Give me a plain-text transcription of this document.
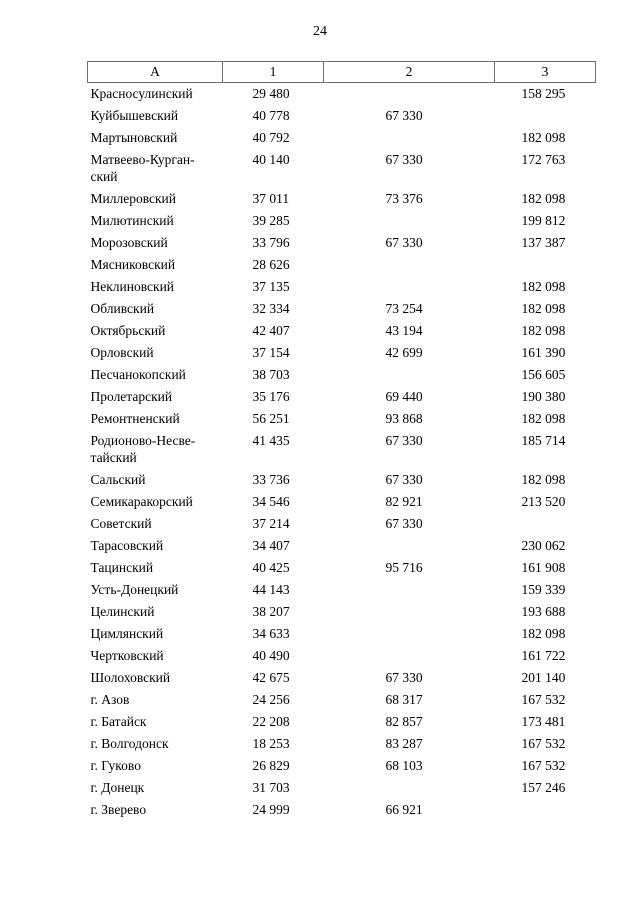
24
А	1	2	3
Красносулинский	29 480		158 295
Куйбышевский	40 778	67 330	
Мартыновский	40 792		182 098
Матвеево-Курган-ский	40 140	67 330	172 763
Миллеровский	37 011	73 376	182 098
Милютинский	39 285		199 812
Морозовский	33 796	67 330	137 387
Мясниковский	28 626		
Неклиновский	37 135		182 098
Обливский	32 334	73 254	182 098
Октябрьский	42 407	43 194	182 098
Орловский	37 154	42 699	161 390
Песчанокопский	38 703		156 605
Пролетарский	35 176	69 440	190 380
Ремонтненский	56 251	93 868	182 098
Родионово-Несве-тайский	41 435	67 330	185 714
Сальский	33 736	67 330	182 098
Семикаракорский	34 546	82 921	213 520
Советский	37 214	67 330	
Тарасовский	34 407		230 062
Тацинский	40 425	95 716	161 908
Усть-Донецкий	44 143		159 339
Целинский	38 207		193 688
Цимлянский	34 633		182 098
Чертковский	40 490		161 722
Шолоховский	42 675	67 330	201 140
г. Азов	24 256	68 317	167 532
г. Батайск	22 208	82 857	173 481
г. Волгодонск	18 253	83 287	167 532
г. Гуково	26 829	68 103	167 532
г. Донецк	31 703		157 246
г. Зверево	24 999	66 921	
